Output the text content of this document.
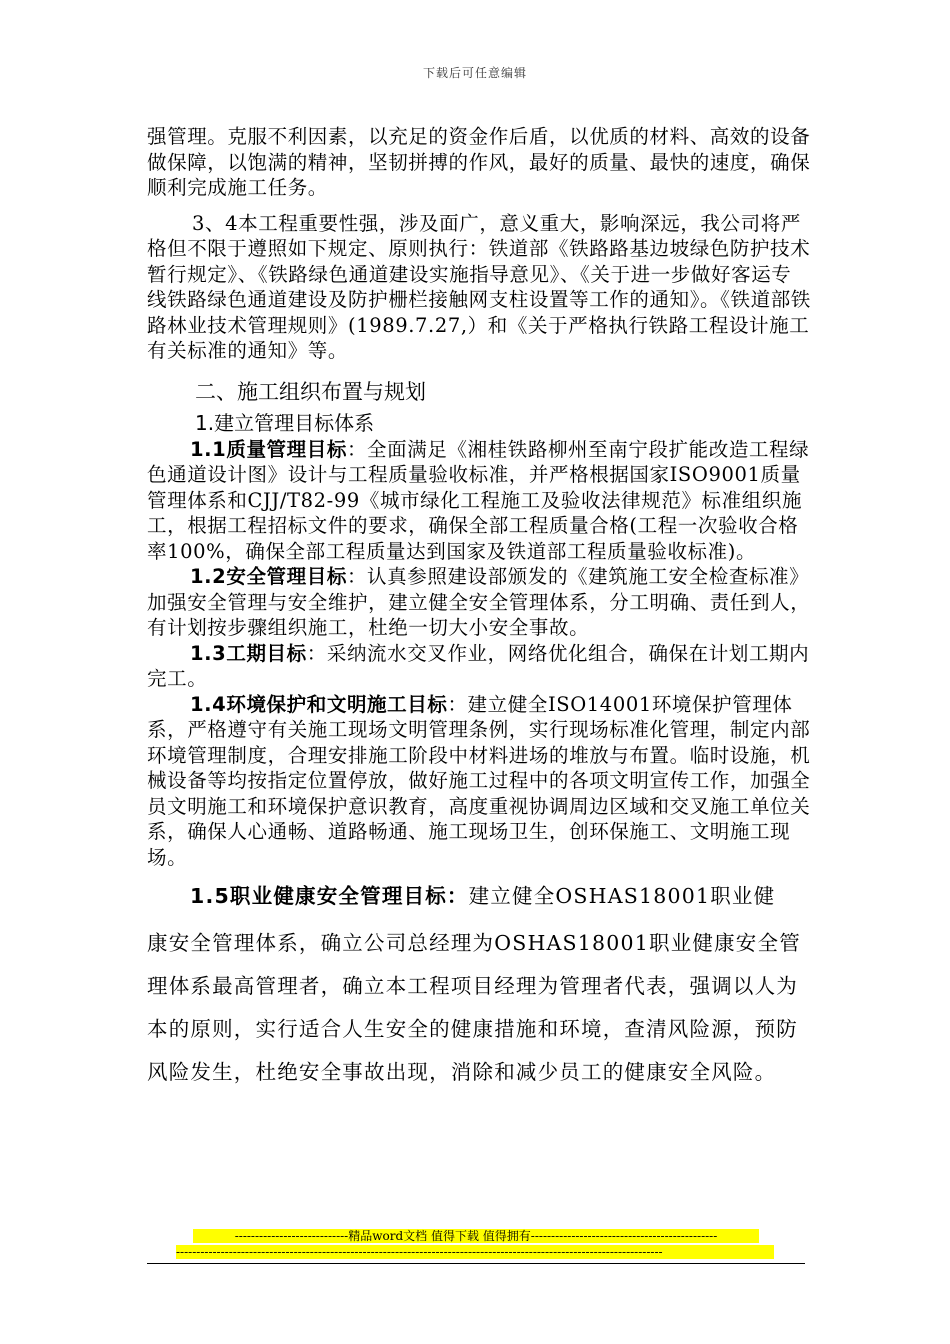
下载后可任意编辑

强管理。克服不利因素，以充足的资金作后盾，以优质的材料、高效的设备做保障，以饱满的精神，坚韧拼搏的作风，最好的质量、最快的速度，确保顺利完成施工任务。

3、4本工程重要性强，涉及面广，意义重大，影响深远，我公司将严格但不限于遵照如下规定、原则执行：铁道部《铁路路基边坡绿色防护技术暂行规定》、《铁路绿色通道建设实施指导意见》、《关于进一步做好客运专线铁路绿色通道建设及防护栅栏接触网支柱设置等工作的通知》。《铁道部铁路林业技术管理规则》(1989.7.27,）和《关于严格执行铁路工程设计施工有关标准的通知》等。

二、施工组织布置与规划
1.建立管理目标体系

1.1质量管理目标：全面满足《湘桂铁路柳州至南宁段扩能改造工程绿色通道设计图》设计与工程质量验收标准，并严格根据国家ISO9001质量管理体系和CJJ/T82-99《城市绿化工程施工及验收法律规范》标准组织施工，根据工程招标文件的要求，确保全部工程质量合格(工程一次验收合格率100%，确保全部工程质量达到国家及铁道部工程质量验收标准)。

1.2安全管理目标：认真参照建设部颁发的《建筑施工安全检查标准》加强安全管理与安全维护，建立健全安全管理体系，分工明确、责任到人，有计划按步骤组织施工，杜绝一切大小安全事故。

1.3工期目标：采纳流水交叉作业，网络优化组合，确保在计划工期内完工。

1.4环境保护和文明施工目标：建立健全ISO14001环境保护管理体系，严格遵守有关施工现场文明管理条例，实行现场标准化管理，制定内部环境管理制度，合理安排施工阶段中材料进场的堆放与布置。临时设施，机械设备等均按指定位置停放，做好施工过程中的各项文明宣传工作，加强全员文明施工和环境保护意识教育，高度重视协调周边区域和交叉施工单位关系，确保人心通畅、道路畅通、施工现场卫生，创环保施工、文明施工现场。

1.5职业健康安全管理目标：建立健全OSHAS18001职业健

康安全管理体系，确立公司总经理为OSHAS18001职业健康安全管理体系最高管理者，确立本工程项目经理为管理者代表，强调以人为本的原则，实行适合人生安全的健康措施和环境，查清风险源，预防风险发生，杜绝安全事故出现，消除和减少员工的健康安全风险。

----------------------------精品word文档 值得下载 值得拥有----------------------------------------------
------------------------------------------------------------------------------------------------------------------------
